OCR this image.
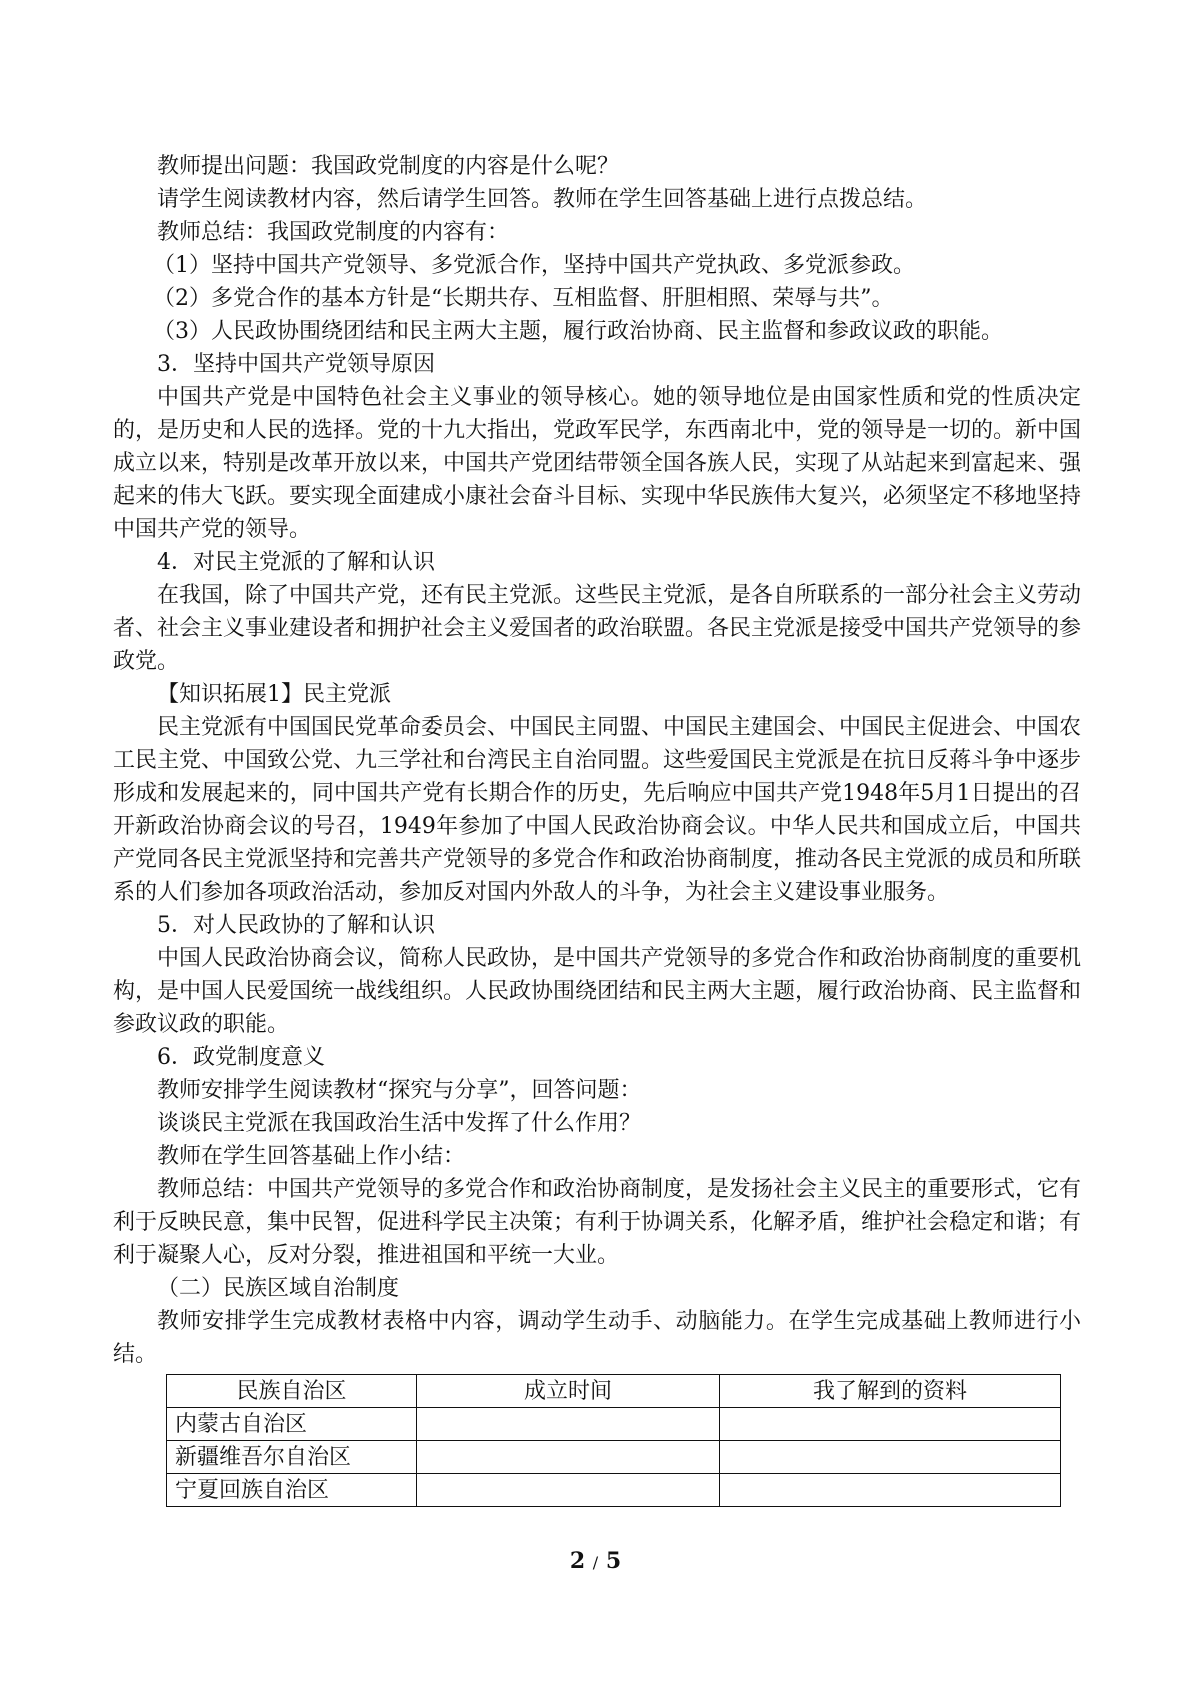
教师提出问题：我国政党制度的内容是什么呢？

请学生阅读教材内容，然后请学生回答。教师在学生回答基础上进行点拨总结。

教师总结：我国政党制度的内容有：

（1）坚持中国共产党领导、多党派合作，坚持中国共产党执政、多党派参政。

（2）多党合作的基本方针是“长期共存、互相监督、肝胆相照、荣辱与共”。

（3）人民政协围绕团结和民主两大主题，履行政治协商、民主监督和参政议政的职能。

3．坚持中国共产党领导原因

中国共产党是中国特色社会主义事业的领导核心。她的领导地位是由国家性质和党的性质决定的，是历史和人民的选择。党的十九大指出，党政军民学，东西南北中，党的领导是一切的。新中国成立以来，特别是改革开放以来，中国共产党团结带领全国各族人民，实现了从站起来到富起来、强起来的伟大飞跃。要实现全面建成小康社会奋斗目标、实现中华民族伟大复兴，必须坚定不移地坚持中国共产党的领导。

4．对民主党派的了解和认识

在我国，除了中国共产党，还有民主党派。这些民主党派，是各自所联系的一部分社会主义劳动者、社会主义事业建设者和拥护社会主义爱国者的政治联盟。各民主党派是接受中国共产党领导的参政党。

【知识拓展1】民主党派

民主党派有中国国民党革命委员会、中国民主同盟、中国民主建国会、中国民主促进会、中国农工民主党、中国致公党、九三学社和台湾民主自治同盟。这些爱国民主党派是在抗日反蒋斗争中逐步形成和发展起来的，同中国共产党有长期合作的历史，先后响应中国共产党1948年5月1日提出的召开新政治协商会议的号召，1949年参加了中国人民政治协商会议。中华人民共和国成立后，中国共产党同各民主党派坚持和完善共产党领导的多党合作和政治协商制度，推动各民主党派的成员和所联系的人们参加各项政治活动，参加反对国内外敌人的斗争，为社会主义建设事业服务。

5．对人民政协的了解和认识

中国人民政治协商会议，简称人民政协，是中国共产党领导的多党合作和政治协商制度的重要机构，是中国人民爱国统一战线组织。人民政协围绕团结和民主两大主题，履行政治协商、民主监督和参政议政的职能。

6．政党制度意义

教师安排学生阅读教材“探究与分享”，回答问题：

谈谈民主党派在我国政治生活中发挥了什么作用？

教师在学生回答基础上作小结：

教师总结：中国共产党领导的多党合作和政治协商制度，是发扬社会主义民主的重要形式，它有利于反映民意，集中民智，促进科学民主决策；有利于协调关系，化解矛盾，维护社会稳定和谐；有利于凝聚人心，反对分裂，推进祖国和平统一大业。

（二）民族区域自治制度

教师安排学生完成教材表格中内容，调动学生动手、动脑能力。在学生完成基础上教师进行小结。

民族自治区	成立时间	我了解到的资料
内蒙古自治区		
新疆维吾尔自治区		
宁夏回族自治区		
2 / 5
